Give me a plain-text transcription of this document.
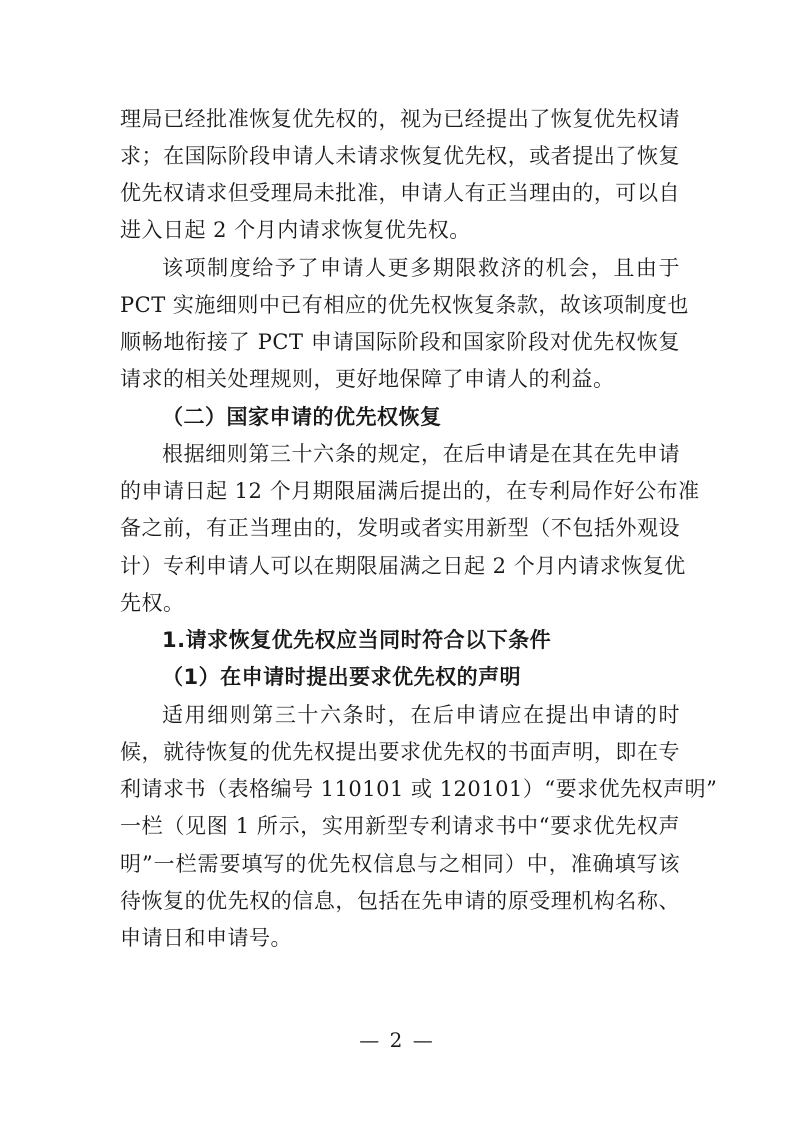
理局已经批准恢复优先权的，视为已经提出了恢复优先权请
求；在国际阶段申请人未请求恢复优先权，或者提出了恢复
优先权请求但受理局未批准，申请人有正当理由的，可以自
进入日起 2 个月内请求恢复优先权。
该项制度给予了申请人更多期限救济的机会，且由于
PCT 实施细则中已有相应的优先权恢复条款，故该项制度也
顺畅地衔接了 PCT 申请国际阶段和国家阶段对优先权恢复
请求的相关处理规则，更好地保障了申请人的利益。
（二）国家申请的优先权恢复
根据细则第三十六条的规定，在后申请是在其在先申请
的申请日起 12 个月期限届满后提出的，在专利局作好公布准
备之前，有正当理由的，发明或者实用新型（不包括外观设
计）专利申请人可以在期限届满之日起 2 个月内请求恢复优
先权。
1.请求恢复优先权应当同时符合以下条件
（1）在申请时提出要求优先权的声明
适用细则第三十六条时，在后申请应在提出申请的时
候，就待恢复的优先权提出要求优先权的书面声明，即在专
利请求书（表格编号 110101 或 120101）“要求优先权声明”
一栏（见图 1 所示，实用新型专利请求书中“要求优先权声
明”一栏需要填写的优先权信息与之相同）中，准确填写该
待恢复的优先权的信息，包括在先申请的原受理机构名称、
申请日和申请号。
— 2 —
